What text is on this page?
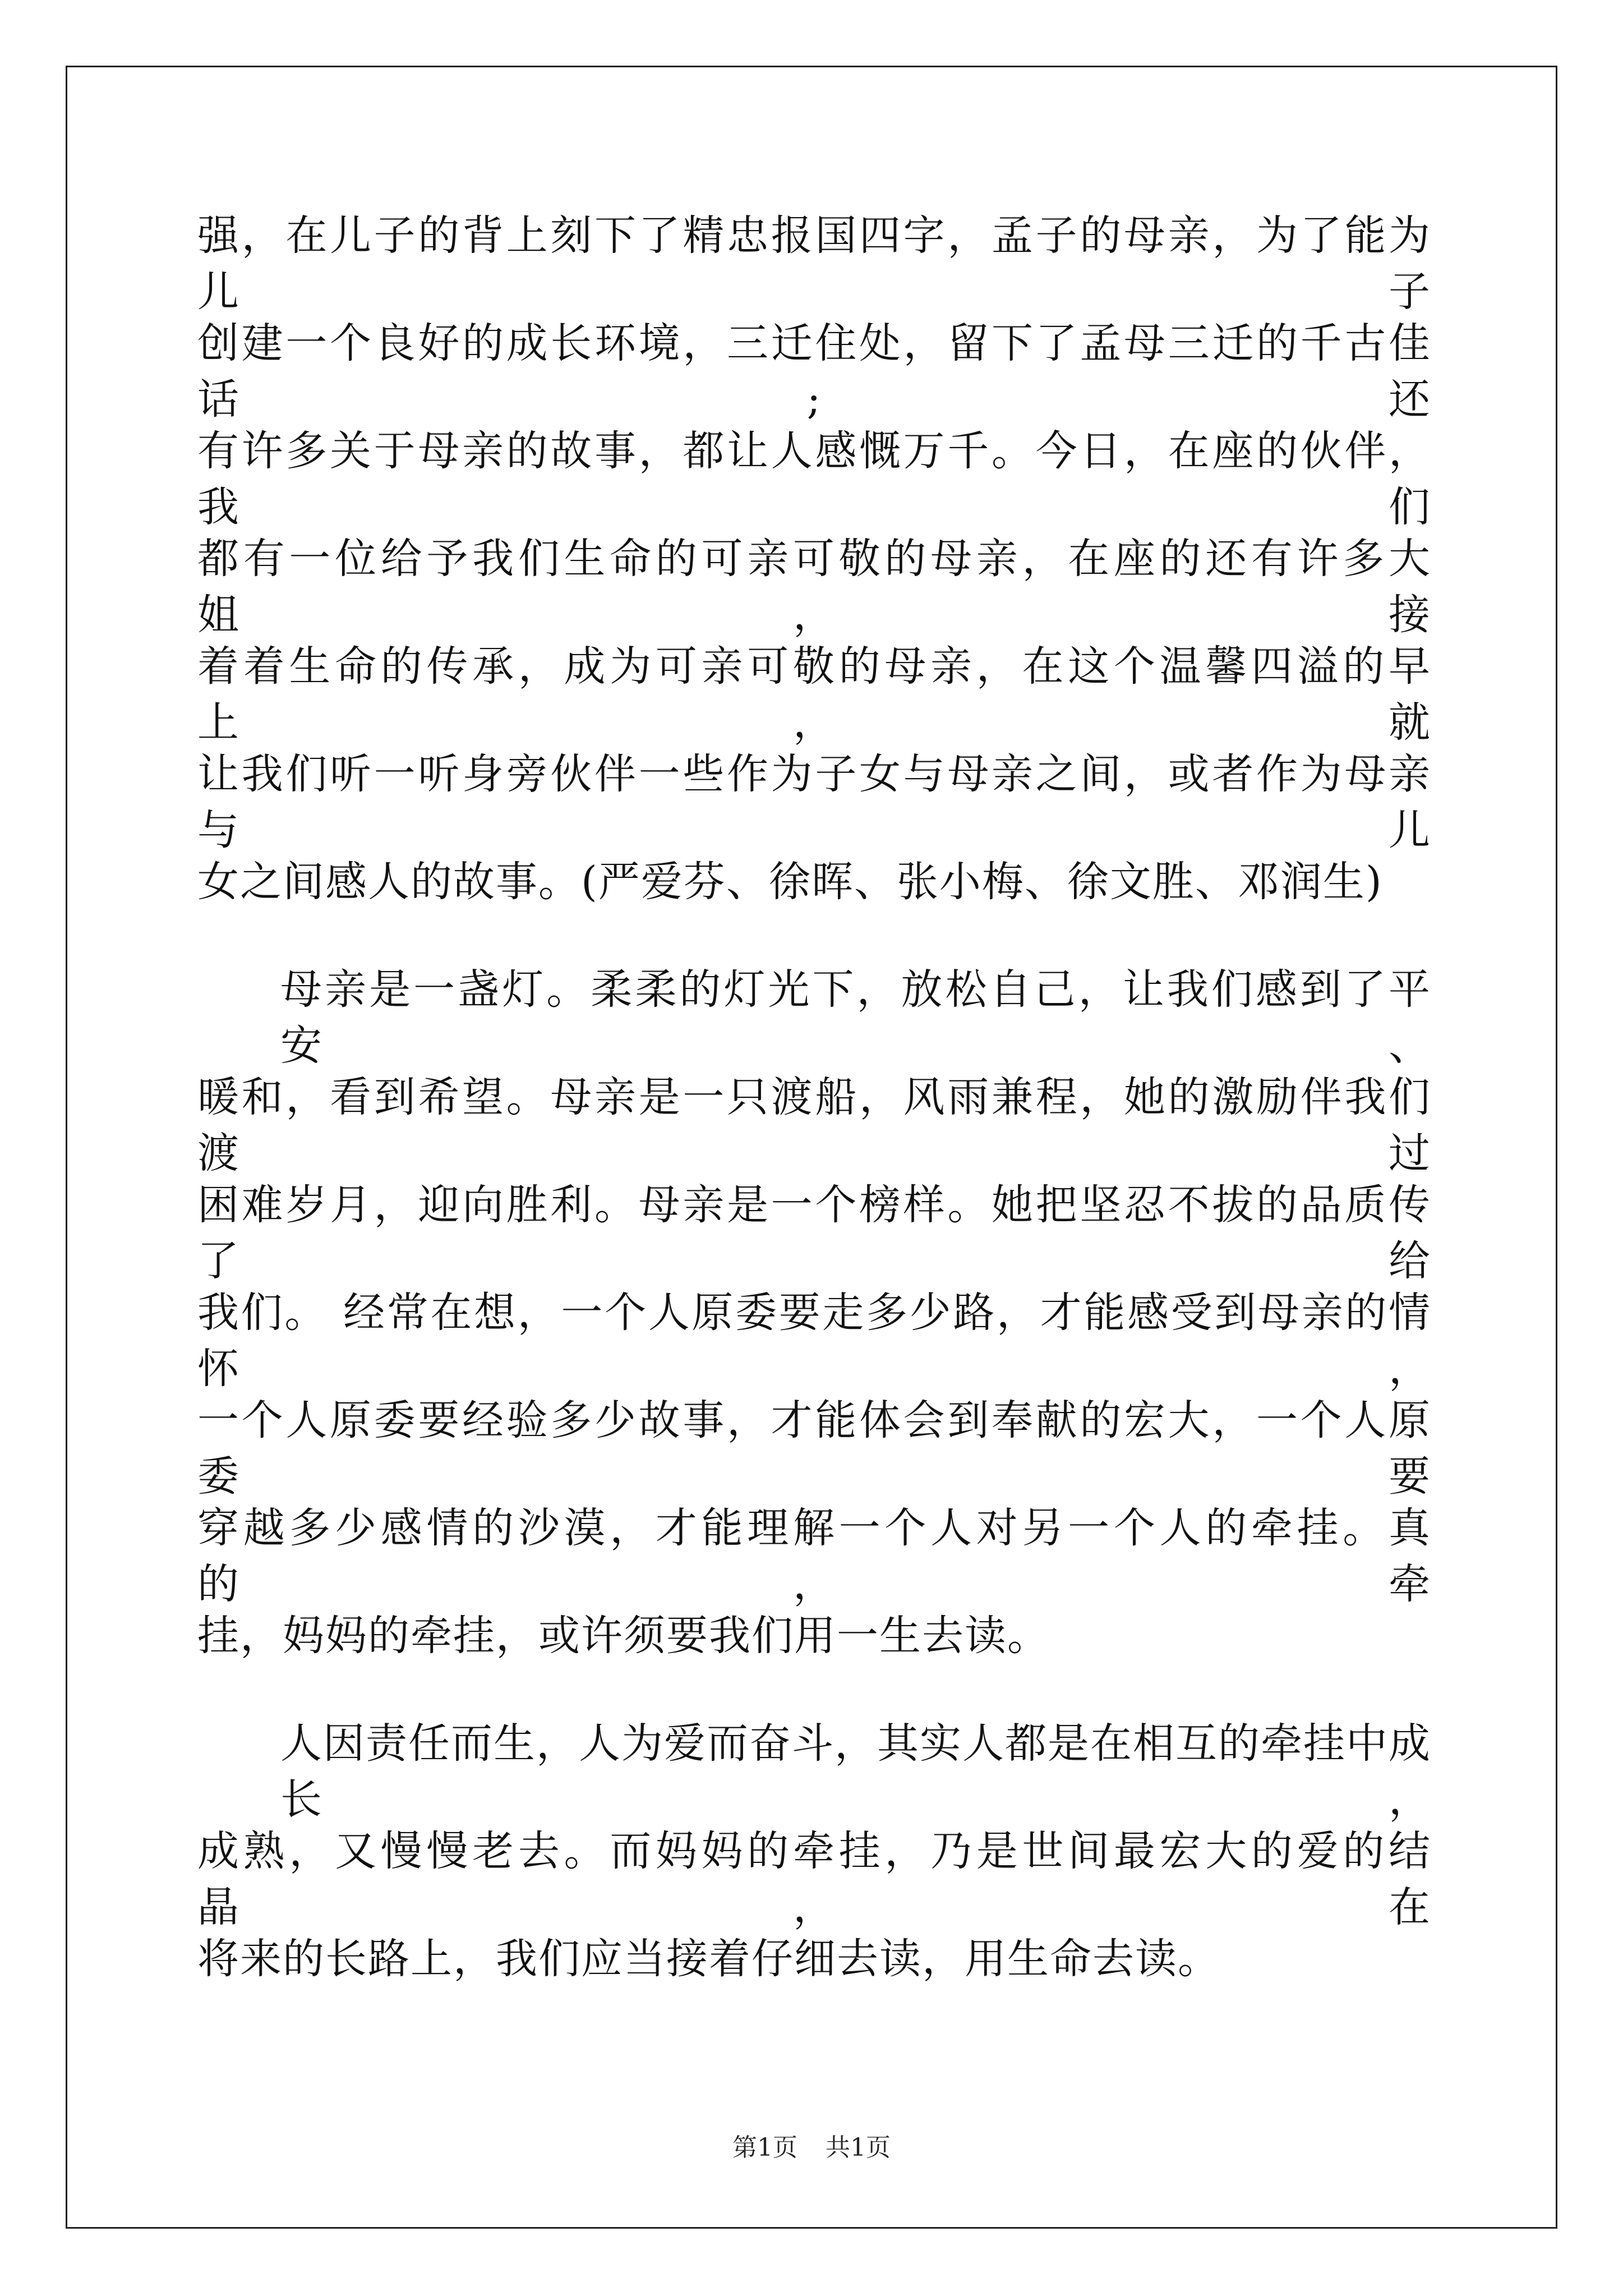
强，在儿子的背上刻下了精忠报国四字，孟子的母亲，为了能为儿子
创建一个良好的成长环境，三迁住处，留下了孟母三迁的千古佳话;还
有许多关于母亲的故事，都让人感慨万千。今日，在座的伙伴，我们
都有一位给予我们生命的可亲可敬的母亲，在座的还有许多大姐，接
着着生命的传承，成为可亲可敬的母亲，在这个温馨四溢的早上，就
让我们听一听身旁伙伴一些作为子女与母亲之间，或者作为母亲与儿
女之间感人的故事。(严爱芬、徐晖、张小梅、徐文胜、邓润生)
母亲是一盏灯。柔柔的灯光下，放松自己，让我们感到了平安、
暖和，看到希望。母亲是一只渡船，风雨兼程，她的激励伴我们渡过
困难岁月，迎向胜利。母亲是一个榜样。她把坚忍不拔的品质传了给
我们。 经常在想，一个人原委要走多少路，才能感受到母亲的情怀，
一个人原委要经验多少故事，才能体会到奉献的宏大，一个人原委要
穿越多少感情的沙漠，才能理解一个人对另一个人的牵挂。真的，牵
挂，妈妈的牵挂，或许须要我们用一生去读。
人因责任而生，人为爱而奋斗，其实人都是在相互的牵挂中成长，
成熟，又慢慢老去。而妈妈的牵挂，乃是世间最宏大的爱的结晶，在
将来的长路上，我们应当接着仔细去读，用生命去读。
第1页 共1页
